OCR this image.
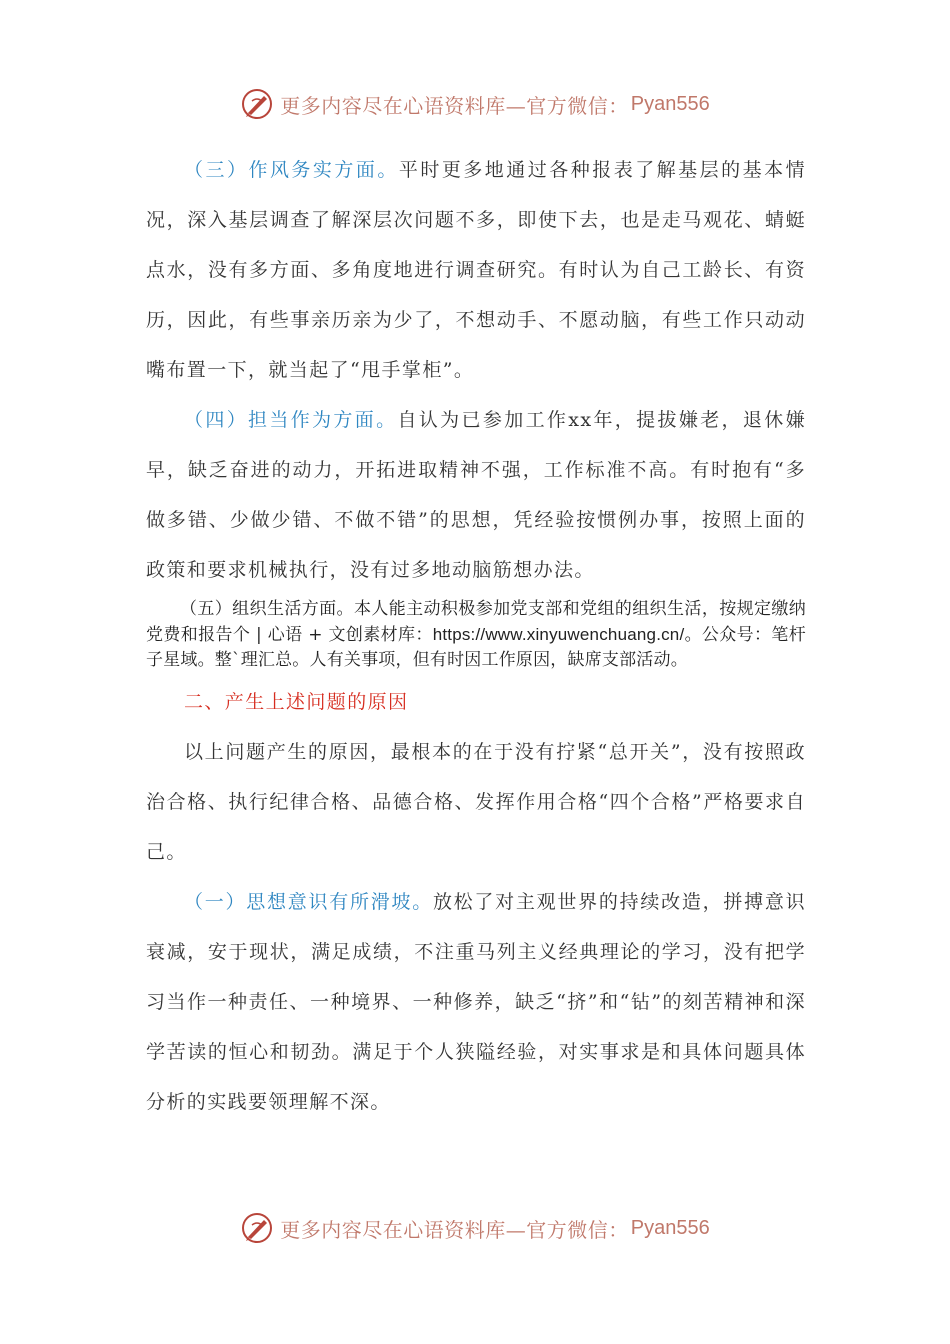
更多内容尽在心语资料库—官方微信： Pyan556

（三）作风务实方面。平时更多地通过各种报表了解基层的基本情况，深入基层调查了解深层次问题不多，即使下去，也是走马观花、蜻蜓点水，没有多方面、多角度地进行调查研究。有时认为自己工龄长、有资历，因此，有些事亲历亲为少了，不想动手、不愿动脑，有些工作只动动嘴布置一下，就当起了“甩手掌柜”。

（四）担当作为方面。自认为已参加工作xx年，提拔嫌老，退休嫌早，缺乏奋进的动力，开拓进取精神不强，工作标准不高。有时抱有“多做多错、少做少错、不做不错”的思想，凭经验按惯例办事，按照上面的政策和要求机械执行，没有过多地动脑筋想办法。

（五）组织生活方面。本人能主动积极参加党支部和党组的组织生活，按规定缴纳党费和报告个 | 心语 + 文创素材库：https://www.xinyuwenchuang.cn/。公众号：笔杆子星域。整`理汇总。人有关事项，但有时因工作原因，缺席支部活动。

二、产生上述问题的原因

以上问题产生的原因，最根本的在于没有拧紧“总开关”，没有按照政治合格、执行纪律合格、品德合格、发挥作用合格“四个合格”严格要求自己。

（一）思想意识有所滑坡。放松了对主观世界的持续改造，拼搏意识衰减，安于现状，满足成绩，不注重马列主义经典理论的学习，没有把学习当作一种责任、一种境界、一种修养，缺乏“挤”和“钻”的刻苦精神和深学苦读的恒心和韧劲。满足于个人狭隘经验，对实事求是和具体问题具体分析的实践要领理解不深。

更多内容尽在心语资料库—官方微信： Pyan556
